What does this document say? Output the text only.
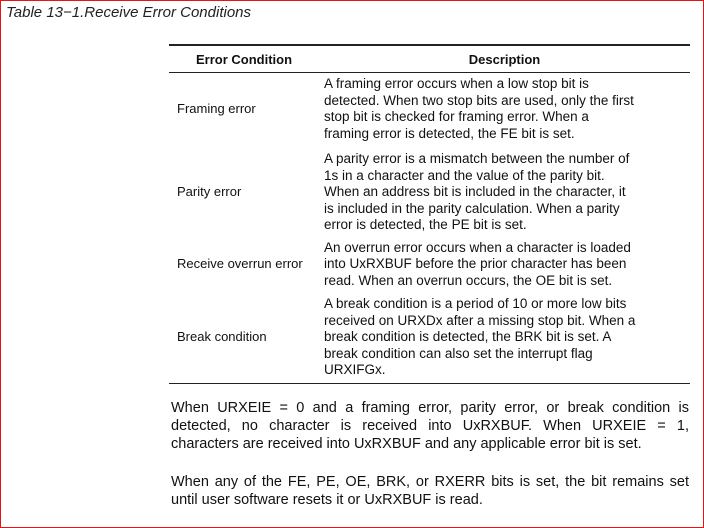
Table 13−1.Receive Error Conditions
Error Condition	Description
Framing error
A framing error occurs when a low stop bit is
detected. When two stop bits are used, only the first
stop bit is checked for framing error. When a
framing error is detected, the FE bit is set.
Parity error
A parity error is a mismatch between the number of
1s in a character and the value of the parity bit.
When an address bit is included in the character, it
is included in the parity calculation. When a parity
error is detected, the PE bit is set.
Receive overrun error
An overrun error occurs when a character is loaded
into UxRXBUF before the prior character has been
read. When an overrun occurs, the OE bit is set.
Break condition
A break condition is a period of 10 or more low bits
received on URXDx after a missing stop bit. When a
break condition is detected, the BRK bit is set. A
break condition can also set the interrupt flag
URXIFGx.
When URXEIE = 0 and a framing error, parity error, or break condition is
detected, no character is received into UxRXBUF. When URXEIE = 1,
characters are received into UxRXBUF and any applicable error bit is set.
When any of the FE, PE, OE, BRK, or RXERR bits is set, the bit remains set
until user software resets it or UxRXBUF is read.
